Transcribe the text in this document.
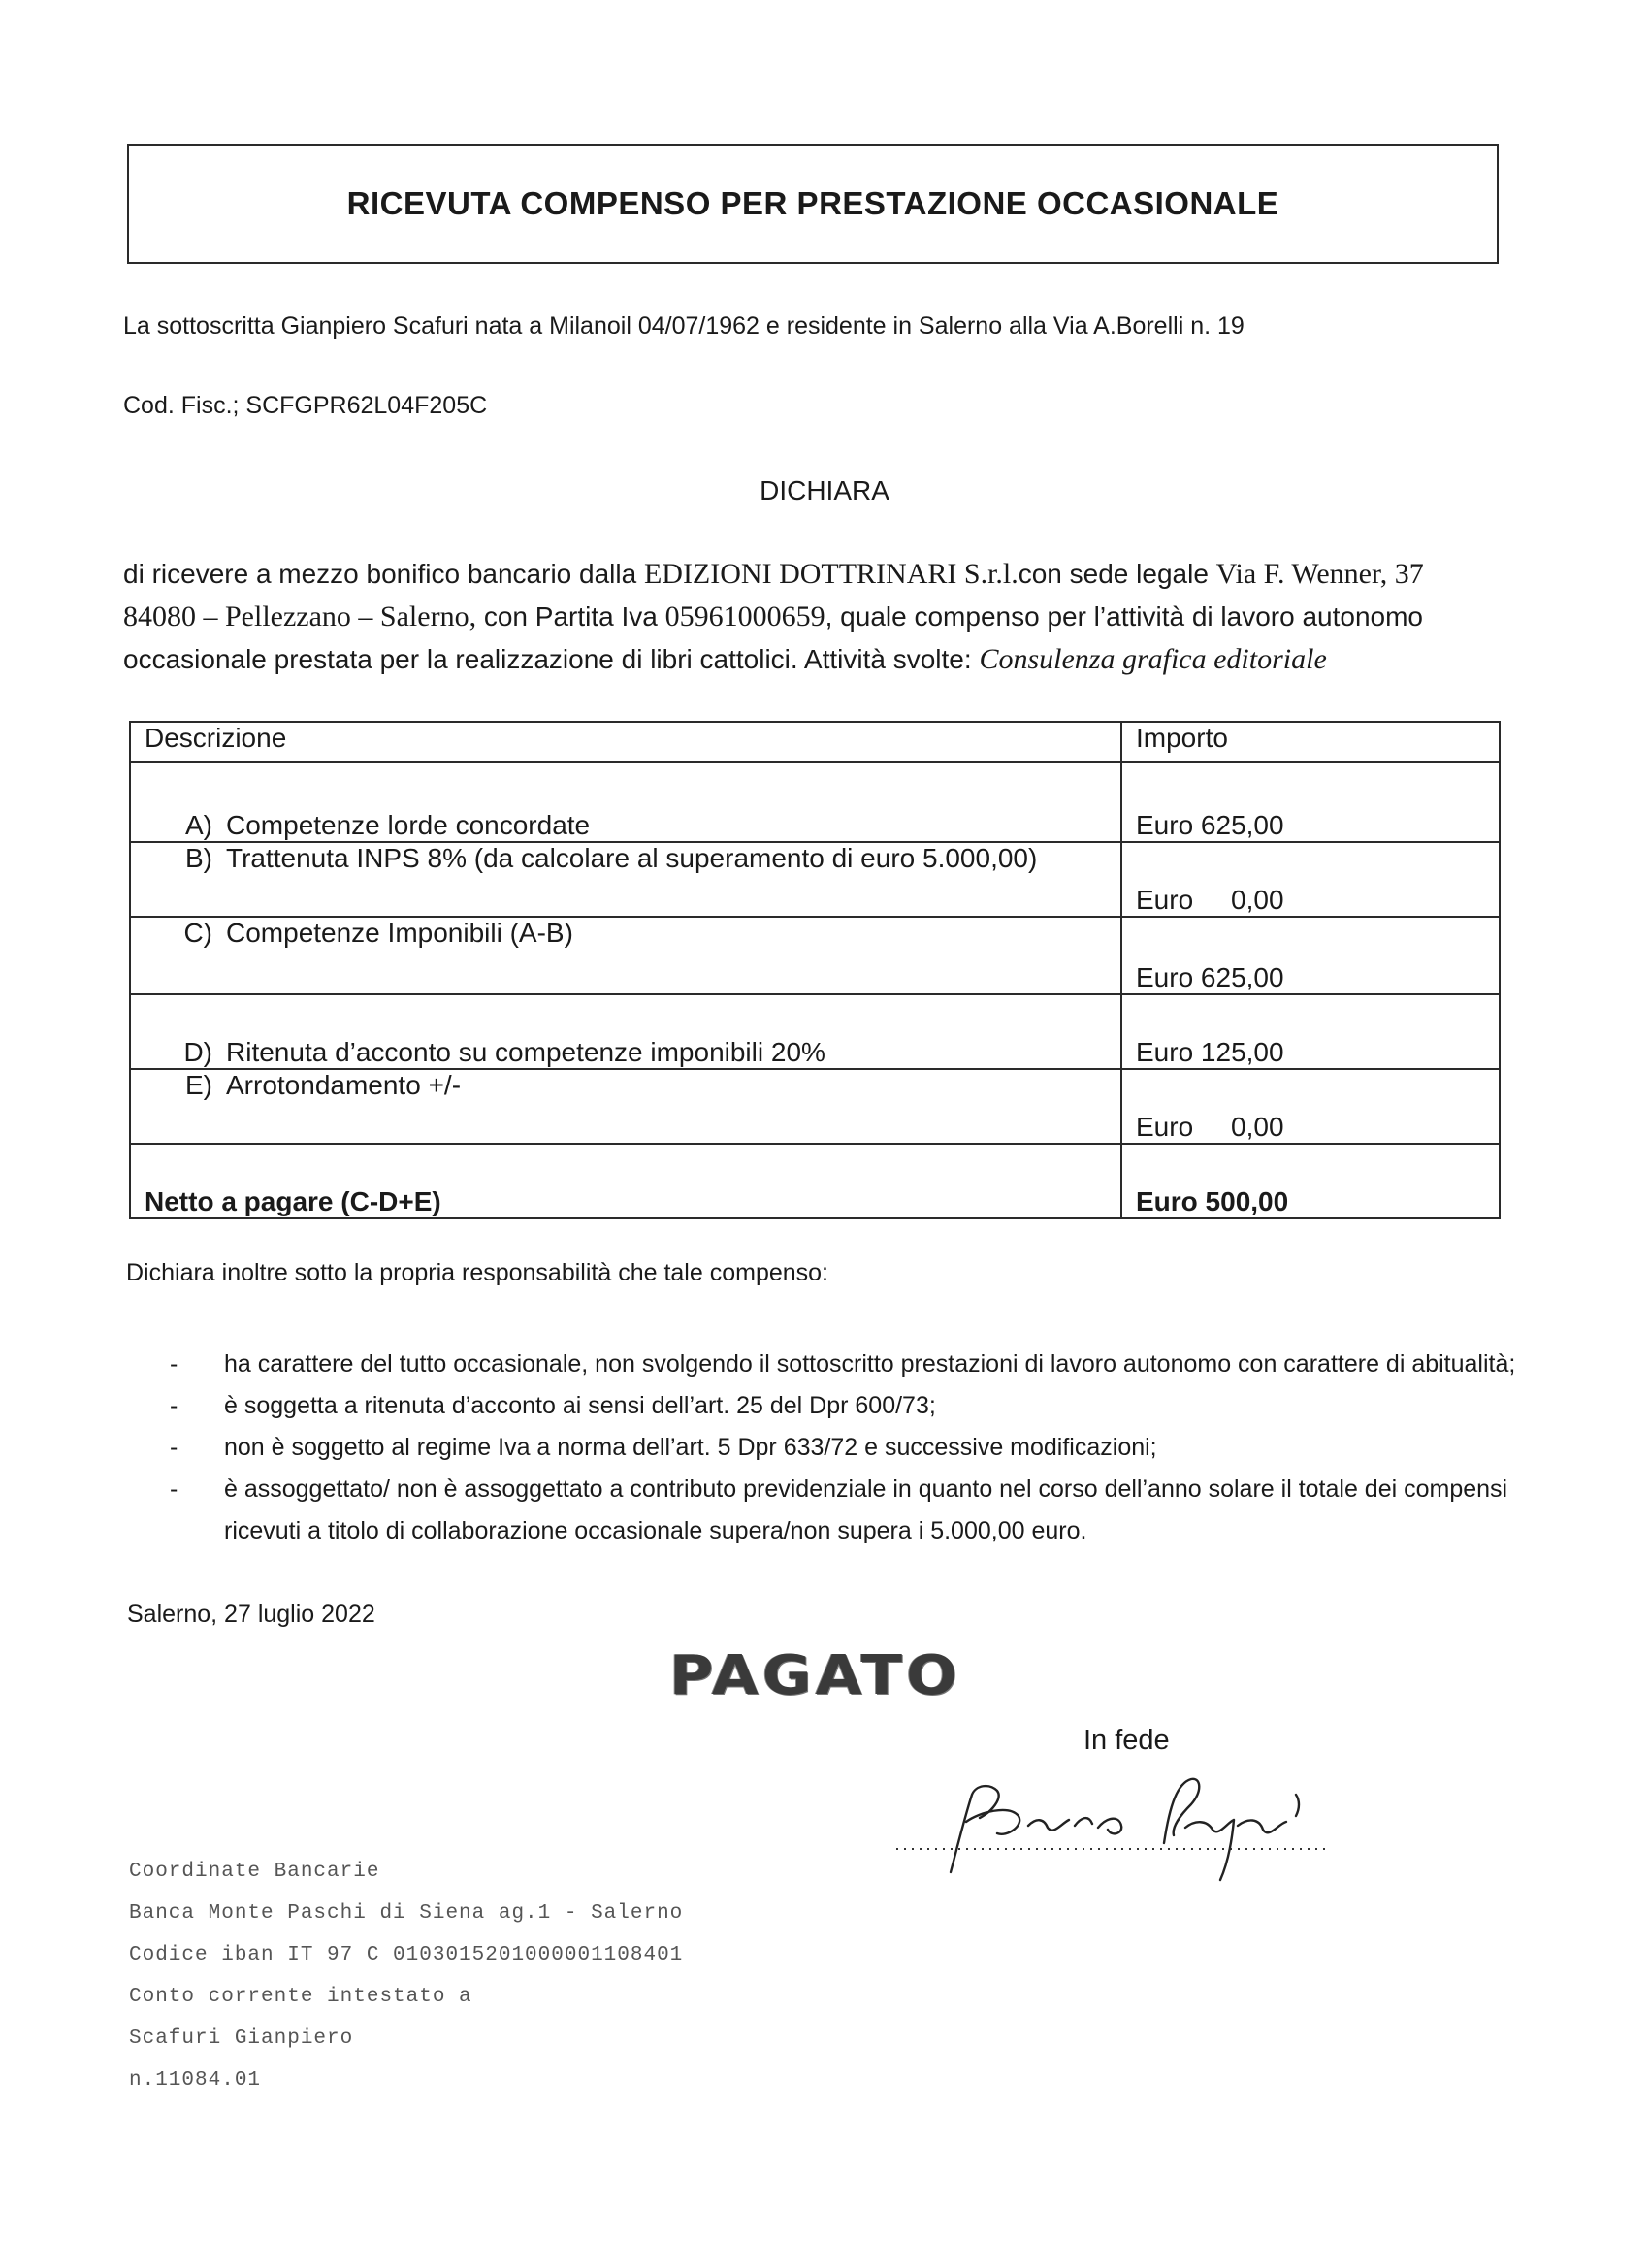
RICEVUTA COMPENSO PER PRESTAZIONE OCCASIONALE
La sottoscritta Gianpiero Scafuri nata a Milanoil 04/07/1962 e residente in Salerno alla Via A.Borelli n. 19
Cod. Fisc.; SCFGPR62L04F205C
DICHIARA
di ricevere a mezzo bonifico bancario dalla EDIZIONI DOTTRINARI S.r.l.con sede legale Via F. Wenner, 37
84080 – Pellezzano – Salerno, con Partita Iva 05961000659, quale compenso per l’attività di lavoro autonomo
occasionale prestata per la realizzazione di libri cattolici. Attività svolte: Consulenza grafica editoriale
Descrizione	Importo
A) Competenze lorde concordate	Euro 625,00
B) Trattenuta INPS 8% (da calcolare al superamento di euro 5.000,00)	Euro     0,00
C) Competenze Imponibili (A-B)	Euro 625,00
D) Ritenuta d’acconto su competenze imponibili 20%	Euro 125,00
E) Arrotondamento +/-	Euro     0,00
Netto a pagare (C-D+E)	Euro 500,00
Dichiara inoltre sotto la propria responsabilità che tale compenso:
- ha carattere del tutto occasionale, non svolgendo il sottoscritto prestazioni di lavoro autonomo con carattere di abitualità;
- è soggetta a ritenuta d’acconto ai sensi dell’art. 25 del Dpr 600/73;
- non è soggetto al regime Iva a norma dell’art. 5 Dpr 633/72 e successive modificazioni;
- è assoggettato/ non è assoggettato a contributo previdenziale in quanto nel corso dell’anno solare il totale dei compensi
ricevuti a titolo di collaborazione occasionale supera/non supera i 5.000,00 euro.
Salerno, 27 luglio 2022
PAGATO
In fede
Coordinate Bancarie
Banca Monte Paschi di Siena ag.1 - Salerno
Codice iban IT 97 C 0103015201000001108401
Conto corrente intestato a
Scafuri Gianpiero
n.11084.01
